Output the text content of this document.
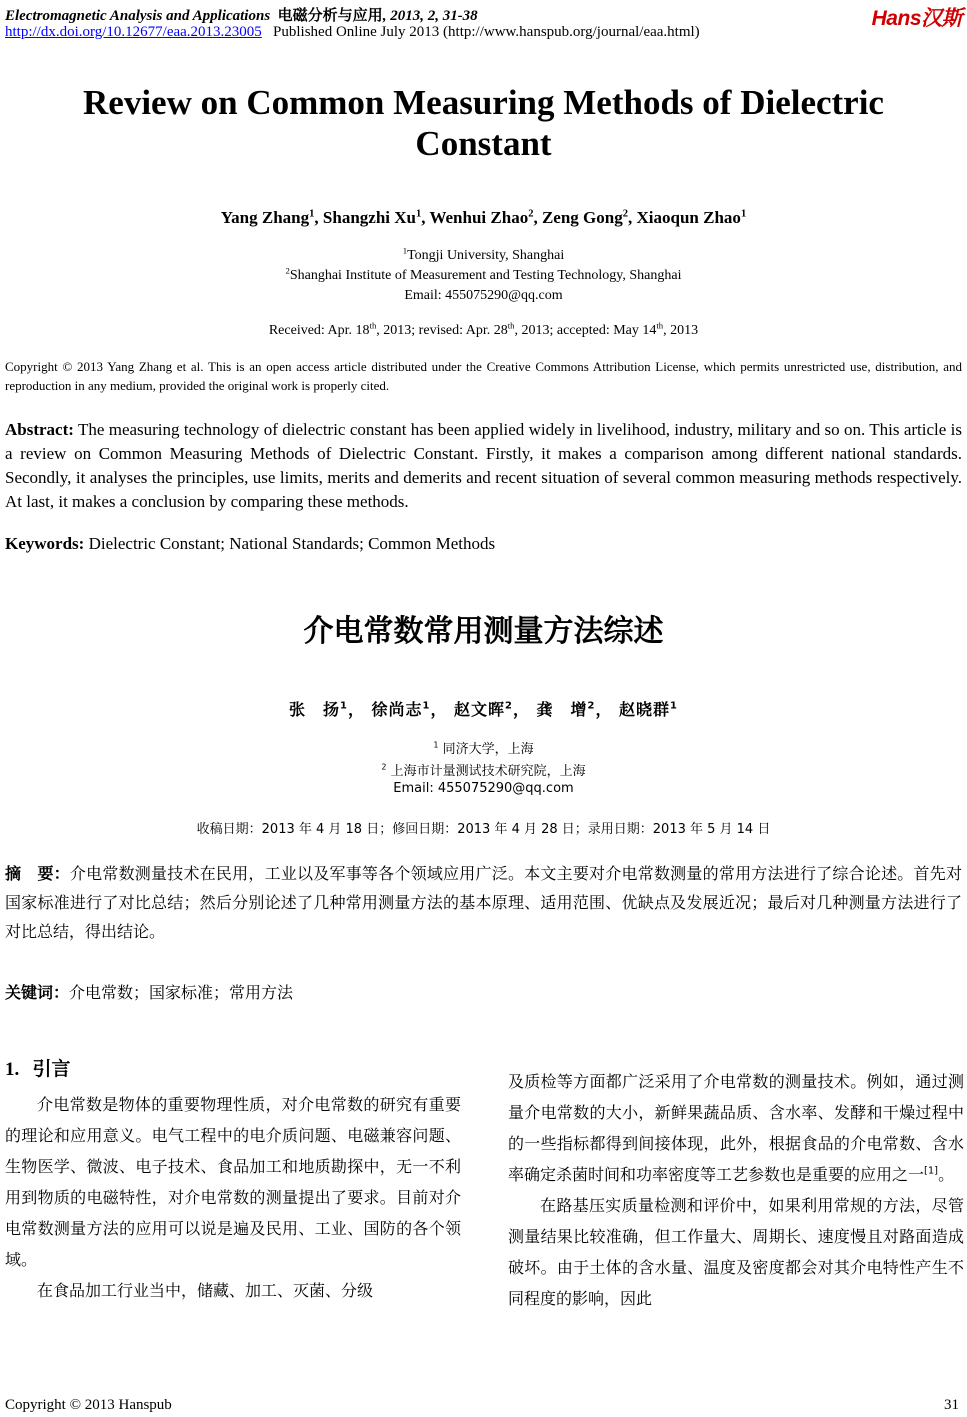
Electromagnetic Analysis and Applications 电磁分析与应用, 2013, 2, 31-38
http://dx.doi.org/10.12677/eaa.2013.23005 Published Online July 2013 (http://www.hanspub.org/journal/eaa.html)
Hans汉斯
Review on Common Measuring Methods of Dielectric Constant
Yang Zhang$^1$, Shangzhi Xu$^1$, Wenhui Zhao$^2$, Zeng Gong$^2$, Xiaoqun Zhao$^1$
$^1$Tongji University, Shanghai
$^2$Shanghai Institute of Measurement and Testing Technology, Shanghai
Email: 455075290@qq.com
Received: Apr. 18th, 2013; revised: Apr. 28th, 2013; accepted: May 14th, 2013
Copyright © 2013 Yang Zhang et al. This is an open access article distributed under the Creative Commons Attribution License, which permits unrestricted use, distribution, and reproduction in any medium, provided the original work is properly cited.
Abstract: The measuring technology of dielectric constant has been applied widely in livelihood, industry, military and so on. This article is a review on Common Measuring Methods of Dielectric Constant. Firstly, it makes a comparison among different national standards. Secondly, it analyses the principles, use limits, merits and demerits and recent situation of several common measuring methods respectively. At last, it makes a conclusion by comparing these methods.
Keywords: Dielectric Constant; National Standards; Common Methods
介电常数常用测量方法综述
张　扬$^1$， 徐尚志$^1$， 赵文晖$^2$， 龚　增$^2$， 赵晓群$^1$
$^1$ 同济大学，上海
$^2$ 上海市计量测试技术研究院，上海
Email: 455075290@qq.com
收稿日期：2013 年 4 月 18 日；修回日期：2013 年 4 月 28 日；录用日期：2013 年 5 月 14 日
摘　要：介电常数测量技术在民用，工业以及军事等各个领域应用广泛。本文主要对介电常数测量的常用方法进行了综合论述。首先对国家标准进行了对比总结；然后分别论述了几种常用测量方法的基本原理、适用范围、优缺点及发展近况；最后对几种测量方法进行了对比总结，得出结论。
关键词：介电常数；国家标准；常用方法
1. 引言

介电常数是物体的重要物理性质，对介电常数的研究有重要的理论和应用意义。电气工程中的电介质问题、电磁兼容问题、生物医学、微波、电子技术、食品加工和地质勘探中，无一不利用到物质的电磁特性，对介电常数的测量提出了要求。目前对介电常数测量方法的应用可以说是遍及民用、工业、国防的各个领域。

在食品加工行业当中，储藏、加工、灭菌、分级

及质检等方面都广泛采用了介电常数的测量技术。例如，通过测量介电常数的大小，新鲜果蔬品质、含水率、发酵和干燥过程中的一些指标都得到间接体现，此外，根据食品的介电常数、含水率确定杀菌时间和功率密度等工艺参数也是重要的应用之一[1]。

在路基压实质量检测和评价中，如果利用常规的方法，尽管测量结果比较准确，但工作量大、周期长、速度慢且对路面造成破坏。由于土体的含水量、温度及密度都会对其介电特性产生不同程度的影响，因此

Copyright © 2013 Hanspub	31
